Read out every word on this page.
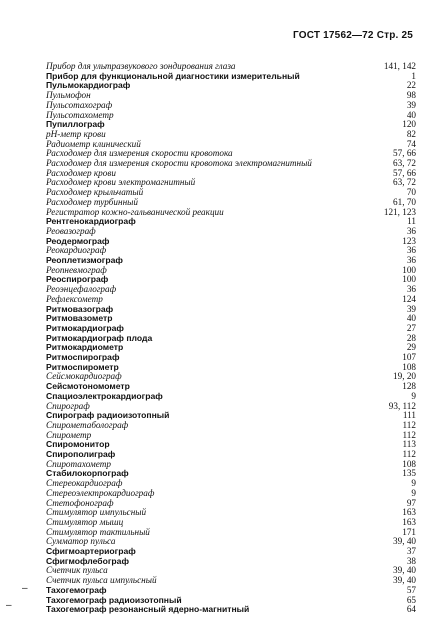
ГОСТ 17562—72 Стр. 25
Прибор для ультразвукового зондирования глаза	141, 142
Прибор для функциональной диагностики измерительный	1
Пульмокардиограф	22
Пульмофон	98
Пульсотахограф	39
Пульсотахометр	40
Пупиллограф	120
pH-метр крови	82
Радиометр клинический	74
Расходомер для измерения скорости кровотока	57, 66
Расходомер для измерения скорости кровотока электромагнитный	63, 72
Расходомер крови	57, 66
Расходомер крови электромагнитный	63, 72
Расходомер крыльчатый	70
Расходомер турбинный	61, 70
Регистратор кожно-гальванической реакции	121, 123
Рентгенокардиограф	11
Реовазограф	36
Реодермограф	123
Реокардиограф	36
Реоплетизмограф	36
Реопневмограф	100
Реоспирограф	100
Реоэнцефалограф	36
Рефлексометр	124
Ритмовазограф	39
Ритмовазометр	40
Ритмокардиограф	27
Ритмокардиограф плода	28
Ритмокардиометр	29
Ритмоспирограф	107
Ритмоспирометр	108
Сейсмокардиограф	19, 20
Сейсмотономометр	128
Спациоэлектрокардиограф	9
Спирограф	93, 112
Спирограф радиоизотопный	111
Спирометаболограф	112
Спирометр	112
Спиромонитор	113
Спирополиграф	112
Спиротахометр	108
Стабилокорпограф	135
Стереокардиограф	9
Стереоэлектрокардиограф	9
Стетофонограф	97
Стимулятор импульсный	163
Стимулятор мышц	163
Стимулятор тактильный	171
Сумматор пульса	39, 40
Сфигмоартериограф	37
Сфигмофлебограф	38
Счетчик пульса	39, 40
Счетчик пульса импульсный	39, 40
Тахогемограф	57
Тахогемограф радиоизотопный	65
Тахогемограф резонансный ядерно-магнитный	64
–
–
